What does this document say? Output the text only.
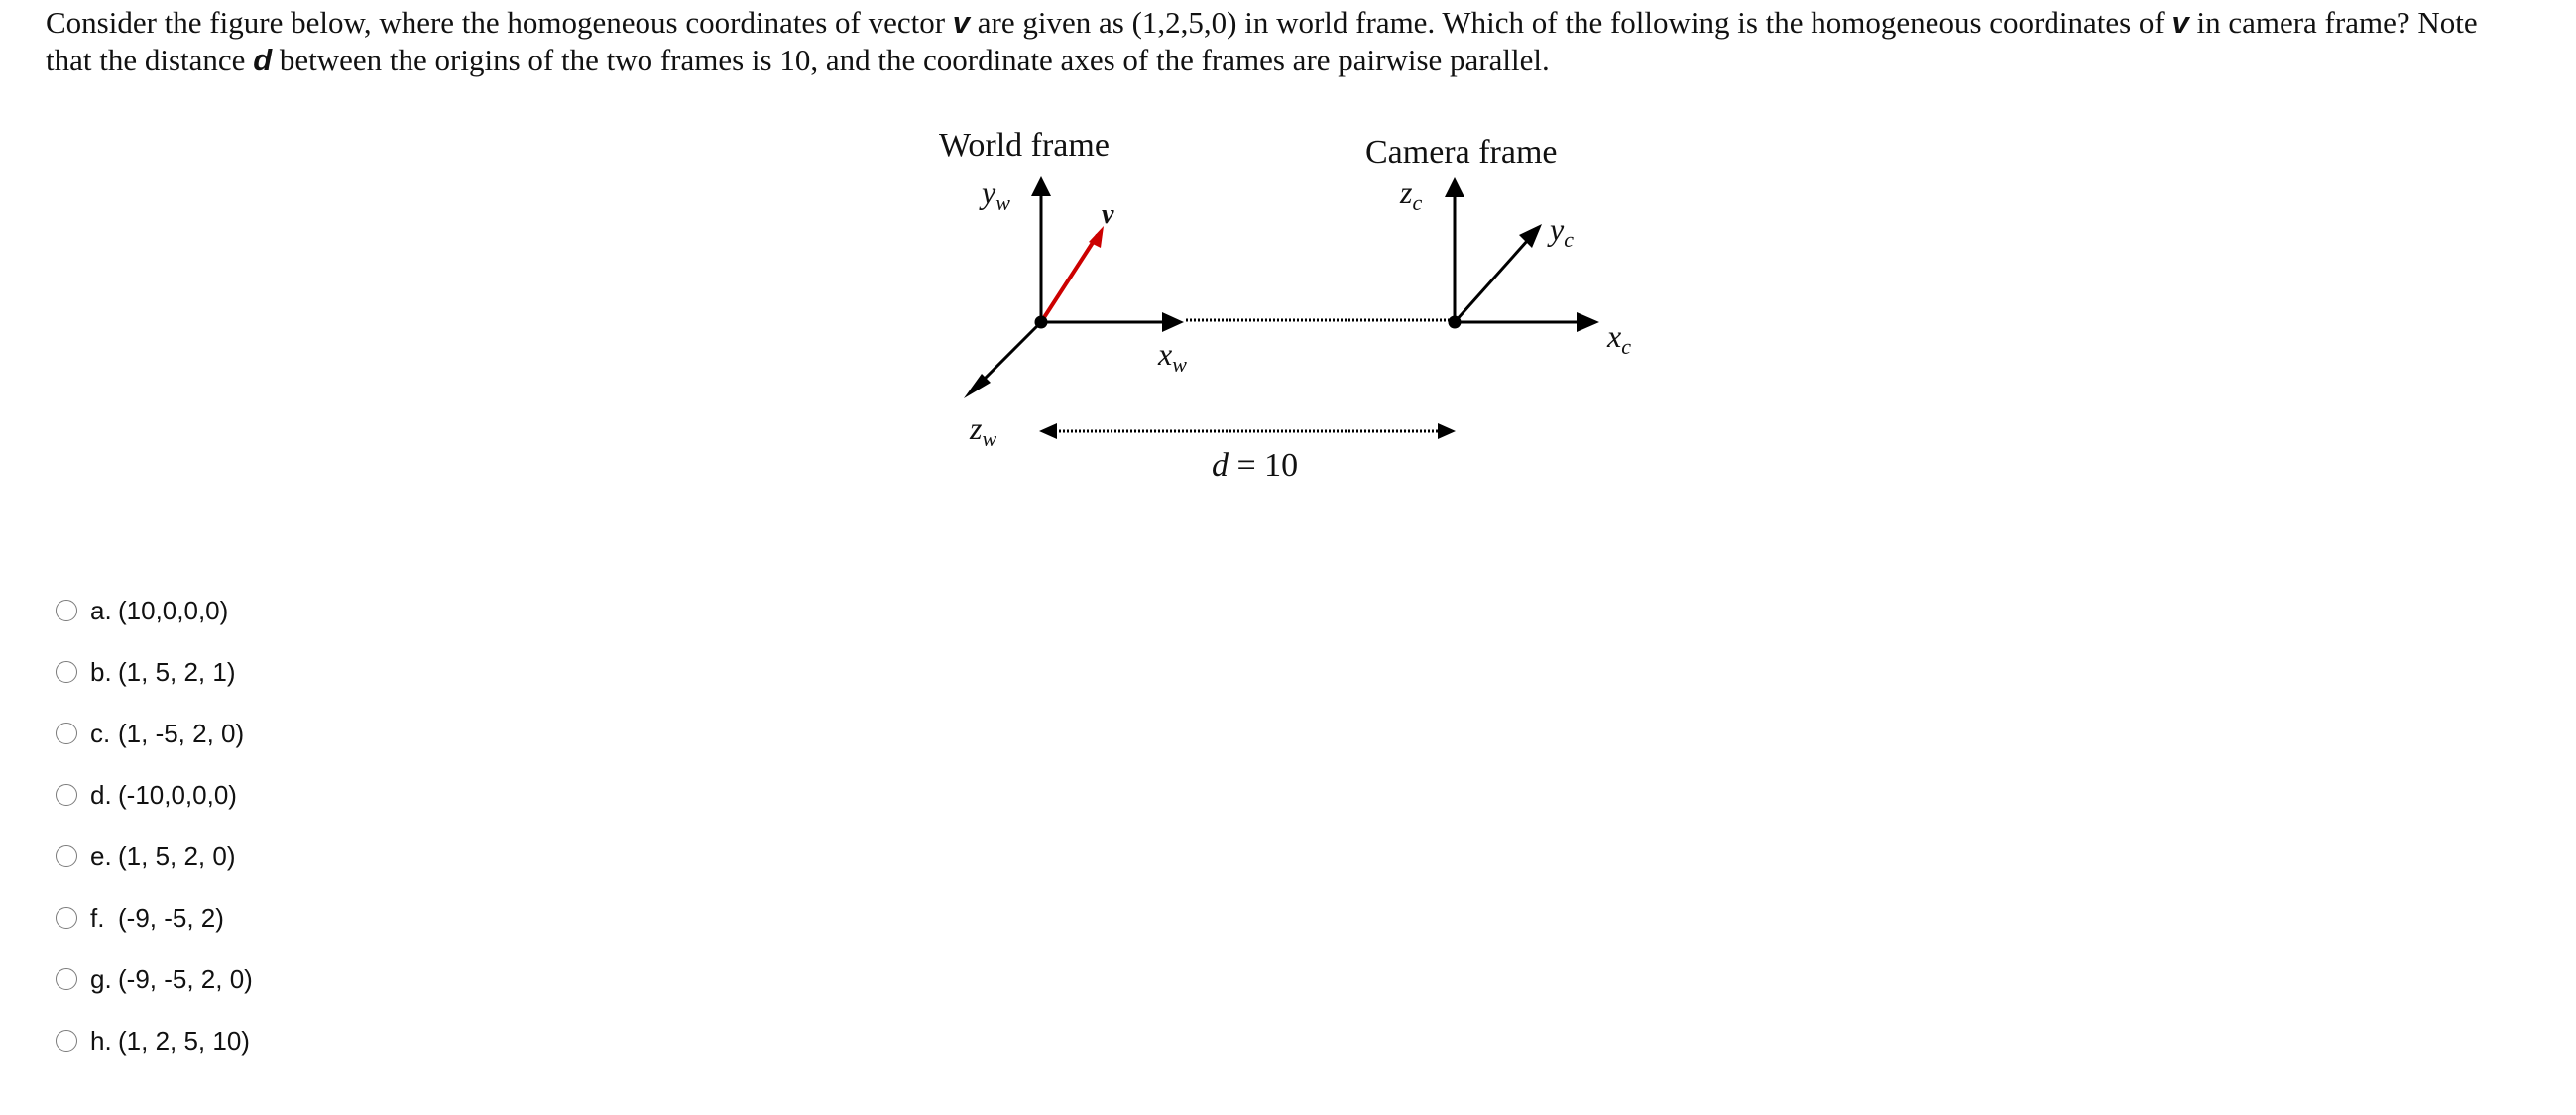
Consider the figure below, where the homogeneous coordinates of vector v are given as (1,2,5,0) in world frame. Which of the following is the homogeneous coordinates of v in camera frame? Note
that the distance d between the origins of the two frames is 10, and the coordinate axes of the frames are pairwise parallel.
World frame	Camera frame
$y_w$	v
$x_w$
$z_w$
$z_c$
$y_c$
$x_c$
d = 10
a. (10,0,0,0)
b. (1, 5, 2, 1)
c. (1, -5, 2, 0)
d. (-10,0,0,0)
e. (1, 5, 2, 0)
f. (-9, -5, 2)
g. (-9, -5, 2, 0)
h. (1, 2, 5, 10)
